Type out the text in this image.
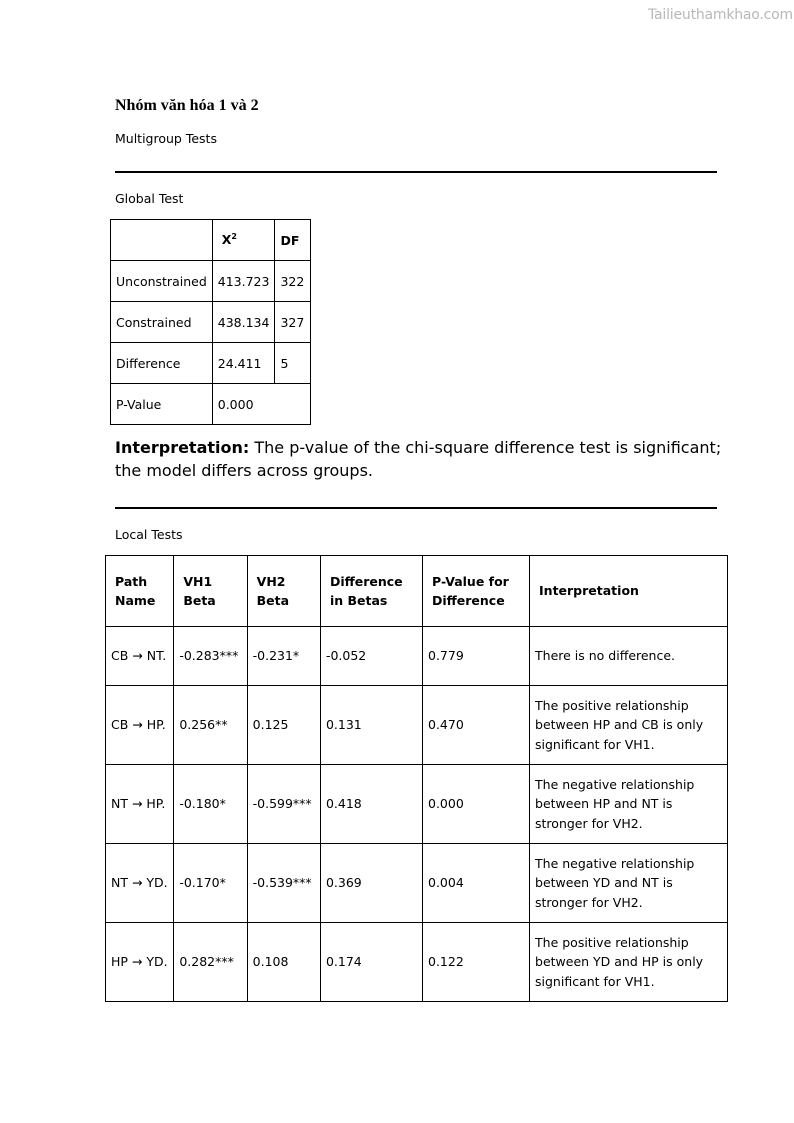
Tailieuthamkhao.com
Nhóm văn hóa 1 và 2
Multigroup Tests
Global Test
	$X^2$	DF
Unconstrained	413.723	322
Constrained	438.134	327
Difference	24.411	5
P-Value	0.000	
Interpretation: The p-value of the chi-square difference test is significant; the model differs across groups.
Local Tests
Path Name	VH1 Beta	VH2 Beta	Difference in Betas	P-Value for Difference	Interpretation
CB → NT.	-0.283***	-0.231*	-0.052	0.779	There is no difference.
CB → HP.	0.256**	0.125	0.131	0.470	The positive relationship between HP and CB is only significant for VH1.
NT → HP.	-0.180*	-0.599***	0.418	0.000	The negative relationship between HP and NT is stronger for VH2.
NT → YD.	-0.170*	-0.539***	0.369	0.004	The negative relationship between YD and NT is stronger for VH2.
HP → YD.	0.282***	0.108	0.174	0.122	The positive relationship between YD and HP is only significant for VH1.
